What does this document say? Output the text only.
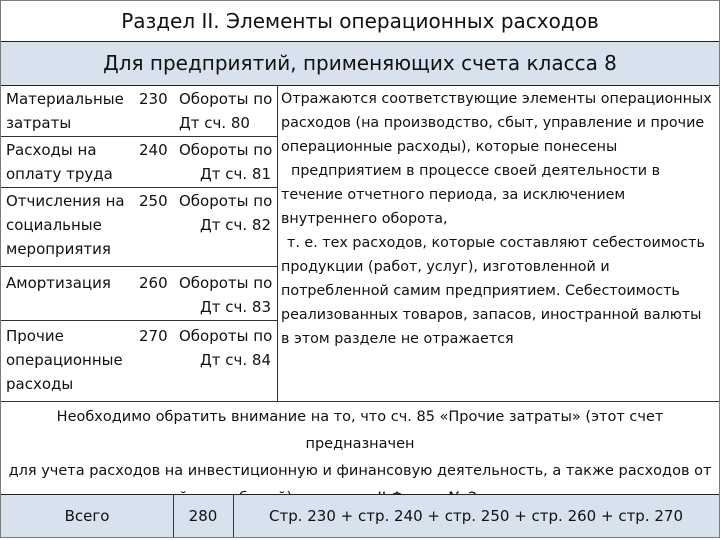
Раздел II. Элементы операционных расходов
Для предприятий, применяющих счета класса 8
Материальные
затраты
230 Обороты по
Дт сч. 80
Расходы на
оплату труда
240 Обороты по
Дт сч. 81
Отчисления на
социальные
мероприятия
250 Обороты по
Дт сч. 82
Амортизация 260 Обороты по
Дт сч. 83
Прочие
операционные
расходы
270 Обороты по
Дт сч. 84
Отражаются соответствующие элементы операционных
расходов (на производство, сбыт, управление и прочие
операционные расходы), которые понесены
предприятием в процессе своей деятельности в
течение отчетного периода, за исключением
внутреннего оборота,
т. е. тех расходов, которые составляют себестоимость
продукции (работ, услуг), изготовленной и
потребленной самим предприятием. Себестоимость
реализованных товаров, запасов, иностранной валюты
в этом разделе не отражается
Необходимо обратить внимание на то, что сч. 85 «Прочие затраты» (этот счет предназначен
для учета расходов на инвестиционную и финансовую деятельность, а также расходов от
Всего	280	Стр. 230 + стр. 240 + стр. 250 + стр. 260 + стр. 270
